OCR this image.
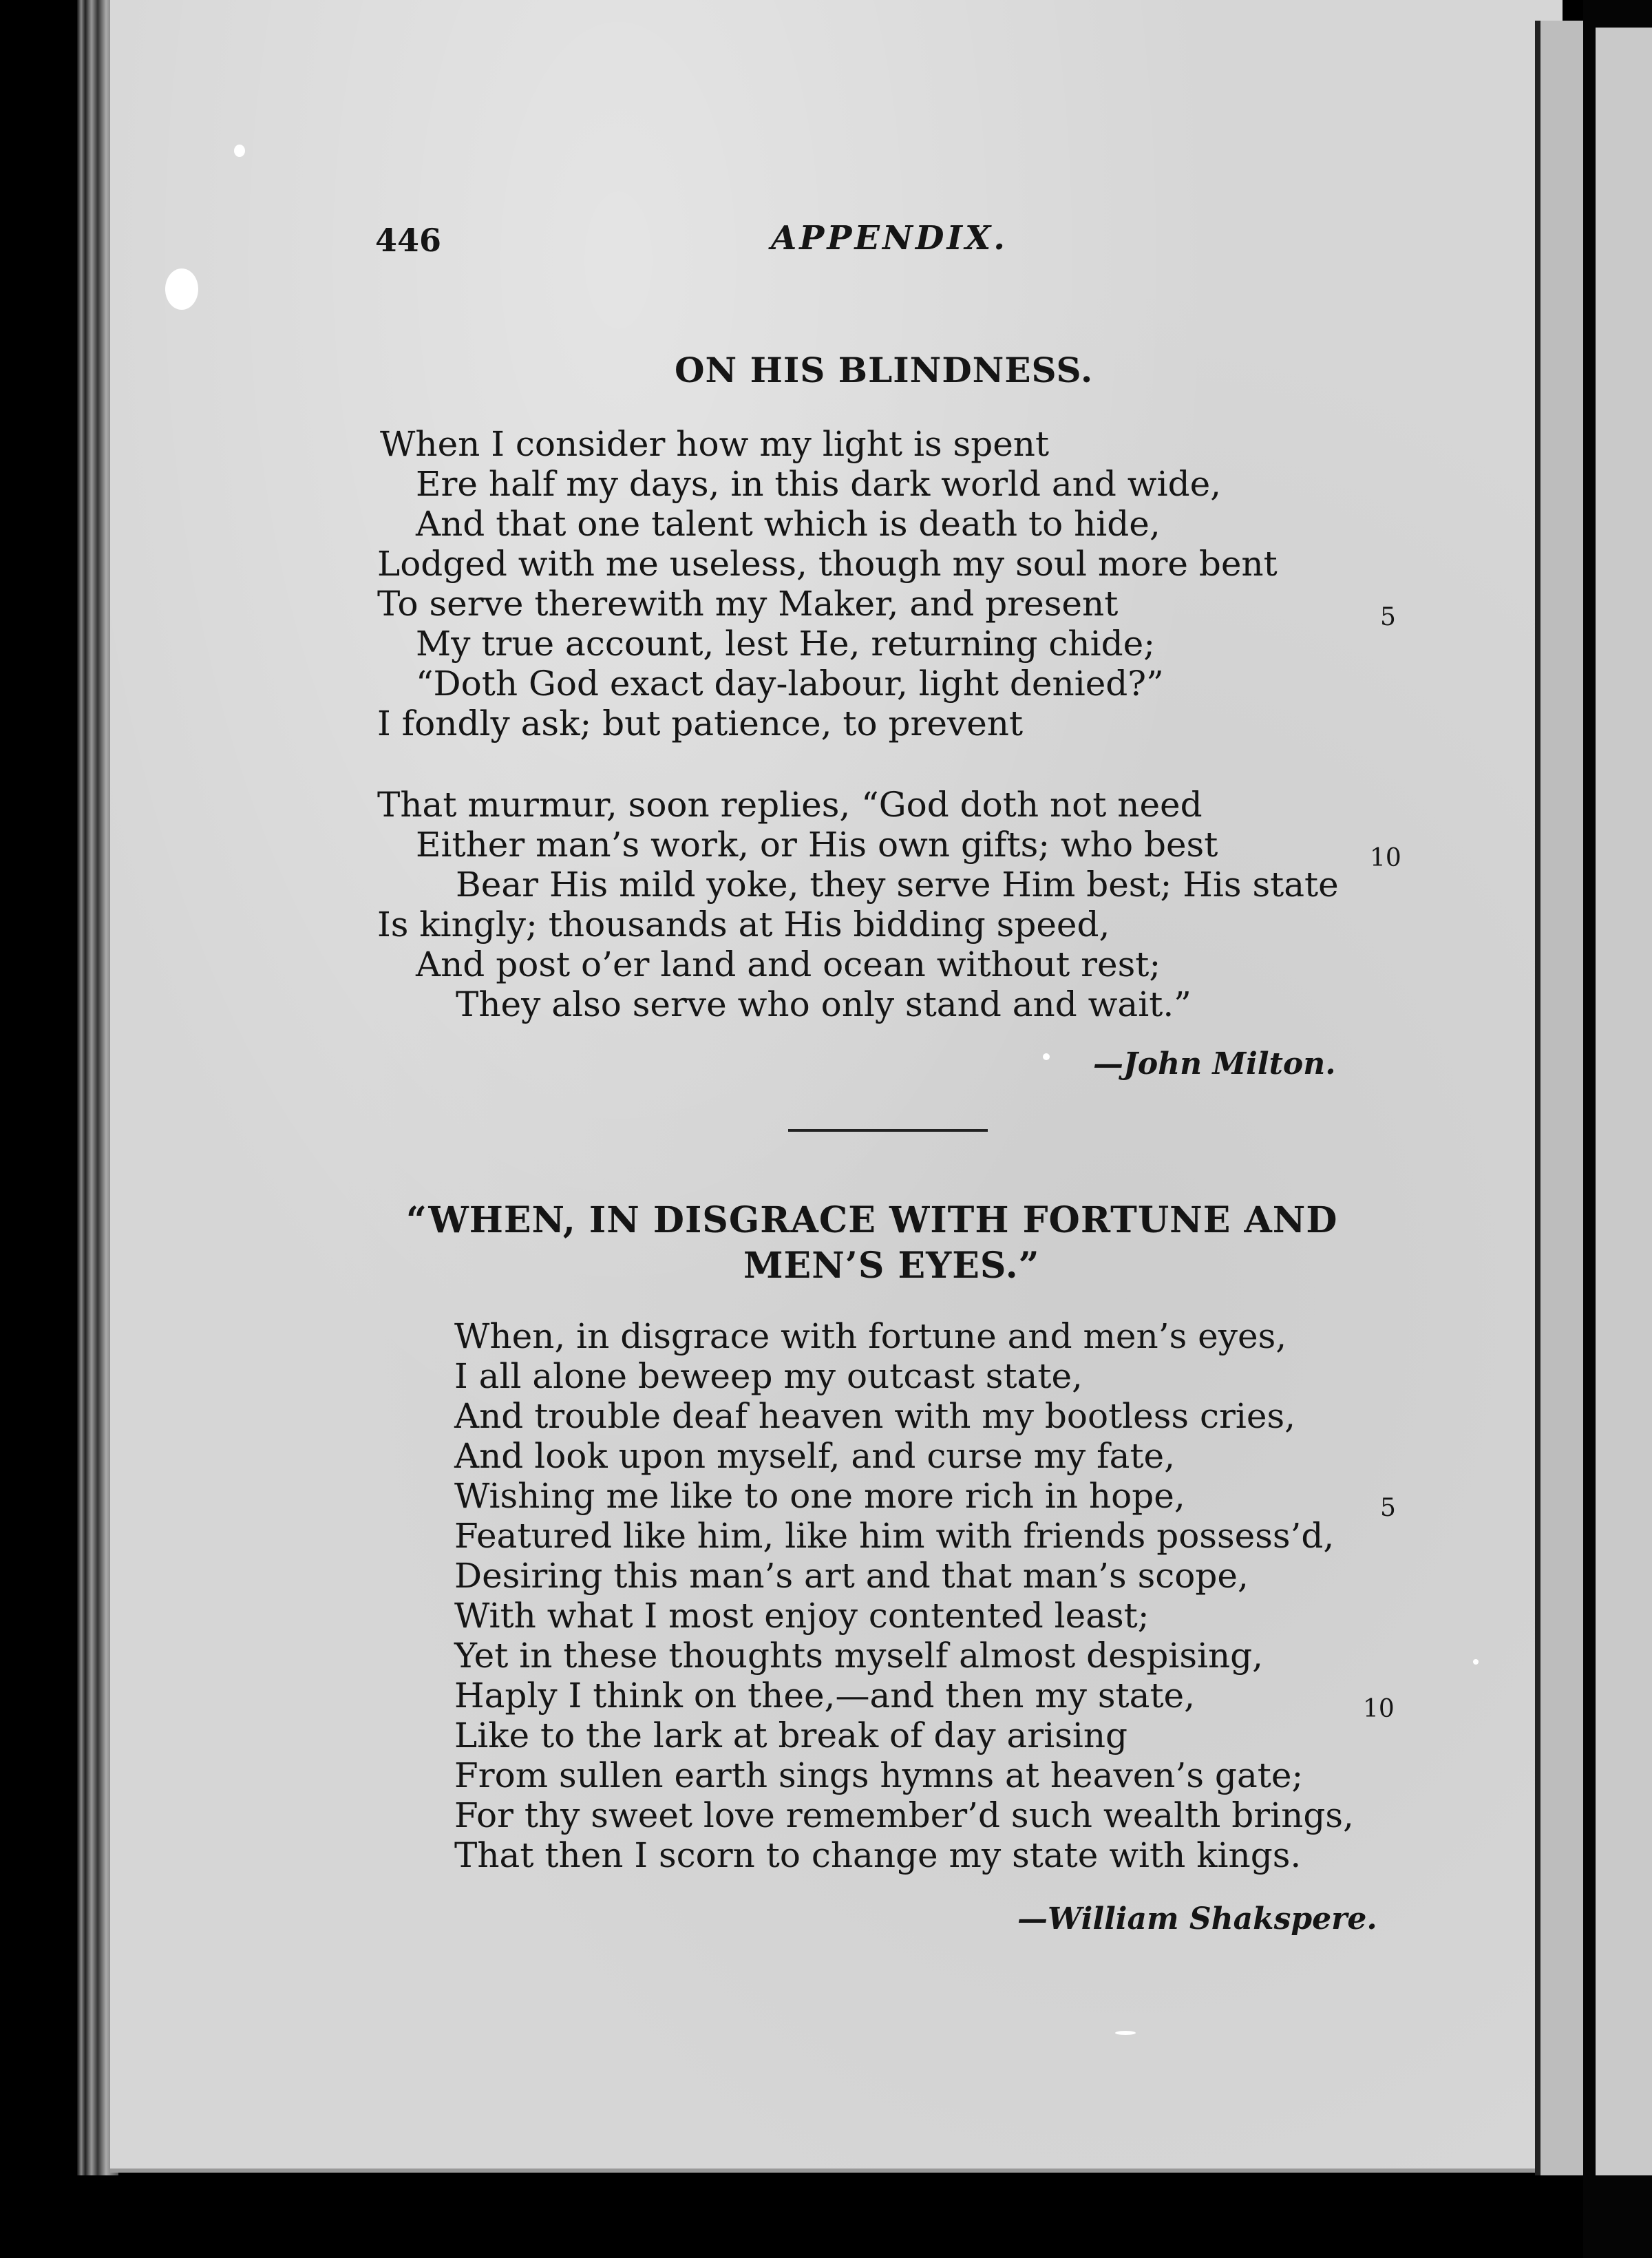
446	APPENDIX.
ON HIS BLINDNESS.
When I consider how my light is spent
Ere half my days, in this dark world and wide,
And that one talent which is death to hide,
Lodged with me useless, though my soul more bent
To serve therewith my Maker, and present	5
My true account, lest He, returning chide;
“Doth God exact day-labour, light denied?”
I fondly ask; but patience, to prevent
That murmur, soon replies, “God doth not need
Either man’s work, or His own gifts; who best	10
Bear His mild yoke, they serve Him best; His state
Is kingly; thousands at His bidding speed,
And post o’er land and ocean without rest;
They also serve who only stand and wait.”
—John Milton.
“WHEN, IN DISGRACE WITH FORTUNE AND
MEN’S EYES.”
When, in disgrace with fortune and men’s eyes,
I all alone beweep my outcast state,
And trouble deaf heaven with my bootless cries,
And look upon myself, and curse my fate,
Wishing me like to one more rich in hope,	5
Featured like him, like him with friends possess’d,
Desiring this man’s art and that man’s scope,
With what I most enjoy contented least;
Yet in these thoughts myself almost despising,
Haply I think on thee,—and then my state,	10
Like to the lark at break of day arising
From sullen earth sings hymns at heaven’s gate;
For thy sweet love remember’d such wealth brings,
That then I scorn to change my state with kings.
—William Shakspere.
